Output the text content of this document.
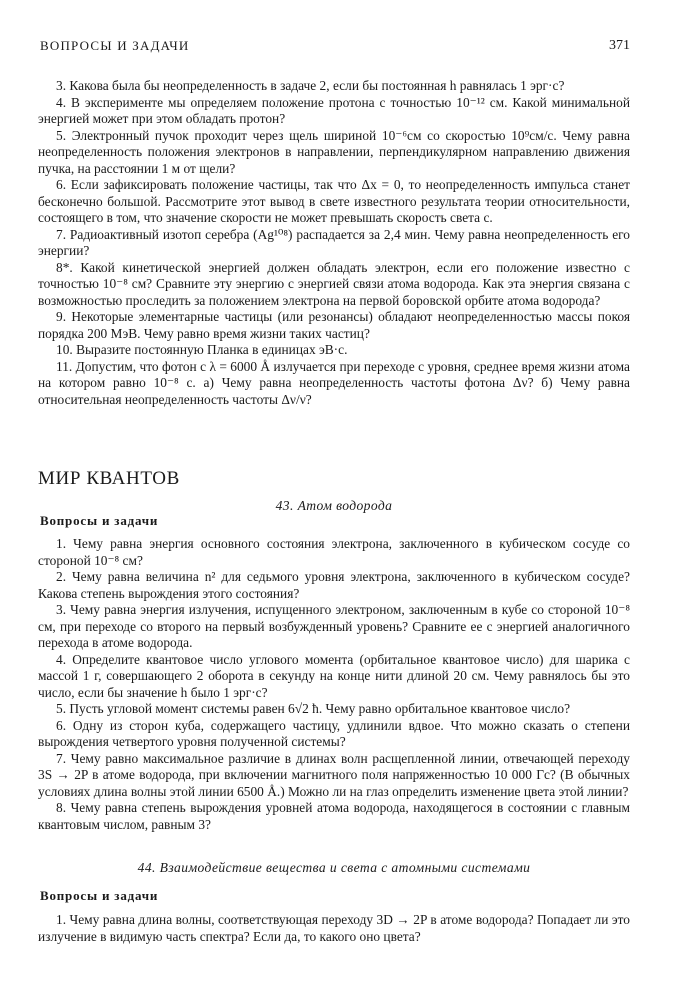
ВОПРОСЫ И ЗАДАЧИ	371

3. Какова была бы неопределенность в задаче 2, если бы постоянная h равнялась 1 эрг·с?

4. В эксперименте мы определяем положение протона с точностью 10⁻¹² см. Какой минимальной энергией может при этом обладать протон?

5. Электронный пучок проходит через щель шириной 10⁻⁶см со скоростью 10⁹см/с. Чему равна неопределенность положения электронов в направлении, перпендикулярном направлению движения пучка, на расстоянии 1 м от щели?

6. Если зафиксировать положение частицы, так что Δx = 0, то неопределенность импульса станет бесконечно большой. Рассмотрите этот вывод в свете известного результата теории относительности, состоящего в том, что значение скорости не может превышать скорость света c.

7. Радиоактивный изотоп серебра (Ag¹⁰⁸) распадается за 2,4 мин. Чему равна неопределенность его энергии?

8*. Какой кинетической энергией должен обладать электрон, если его положение известно с точностью 10⁻⁸ см? Сравните эту энергию с энергией связи атома водорода. Как эта энергия связана с возможностью проследить за положением электрона на первой боровской орбите атома водорода?

9. Некоторые элементарные частицы (или резонансы) обладают неопределенностью массы покоя порядка 200 МэВ. Чему равно время жизни таких частиц?

10. Выразите постоянную Планка в единицах эВ·с.

11. Допустим, что фотон с λ = 6000 Å излучается при переходе с уровня, среднее время жизни атома на котором равно 10⁻⁸ с. а) Чему равна неопределенность частоты фотона Δν? б) Чему равна относительная неопределенность частоты Δν/ν?

МИР КВАНТОВ
43. Атом водорода
Вопросы и задачи

1. Чему равна энергия основного состояния электрона, заключенного в кубическом сосуде со стороной 10⁻⁸ см?

2. Чему равна величина n² для седьмого уровня электрона, заключенного в кубическом сосуде? Какова степень вырождения этого состояния?

3. Чему равна энергия излучения, испущенного электроном, заключенным в кубе со стороной 10⁻⁸ см, при переходе со второго на первый возбужденный уровень? Сравните ее с энергией аналогичного перехода в атоме водорода.

4. Определите квантовое число углового момента (орбитальное квантовое число) для шарика с массой 1 г, совершающего 2 оборота в секунду на конце нити длиной 20 см. Чему равнялось бы это число, если бы значение h было 1 эрг·с?

5. Пусть угловой момент системы равен 6√2 ħ. Чему равно орбитальное квантовое число?

6. Одну из сторон куба, содержащего частицу, удлинили вдвое. Что можно сказать о степени вырождения четвертого уровня полученной системы?

7. Чему равно максимальное различие в длинах волн расщепленной линии, отвечающей переходу 3S → 2P в атоме водорода, при включении магнитного поля напряженностью 10 000 Гс? (В обычных условиях длина волны этой линии 6500 Å.) Можно ли на глаз определить изменение цвета этой линии?

8. Чему равна степень вырождения уровней атома водорода, находящегося в состоянии с главным квантовым числом, равным 3?

44. Взаимодействие вещества и света с атомными системами
Вопросы и задачи

1. Чему равна длина волны, соответствующая переходу 3D → 2P в атоме водорода? Попадает ли это излучение в видимую часть спектра? Если да, то какого оно цвета?
